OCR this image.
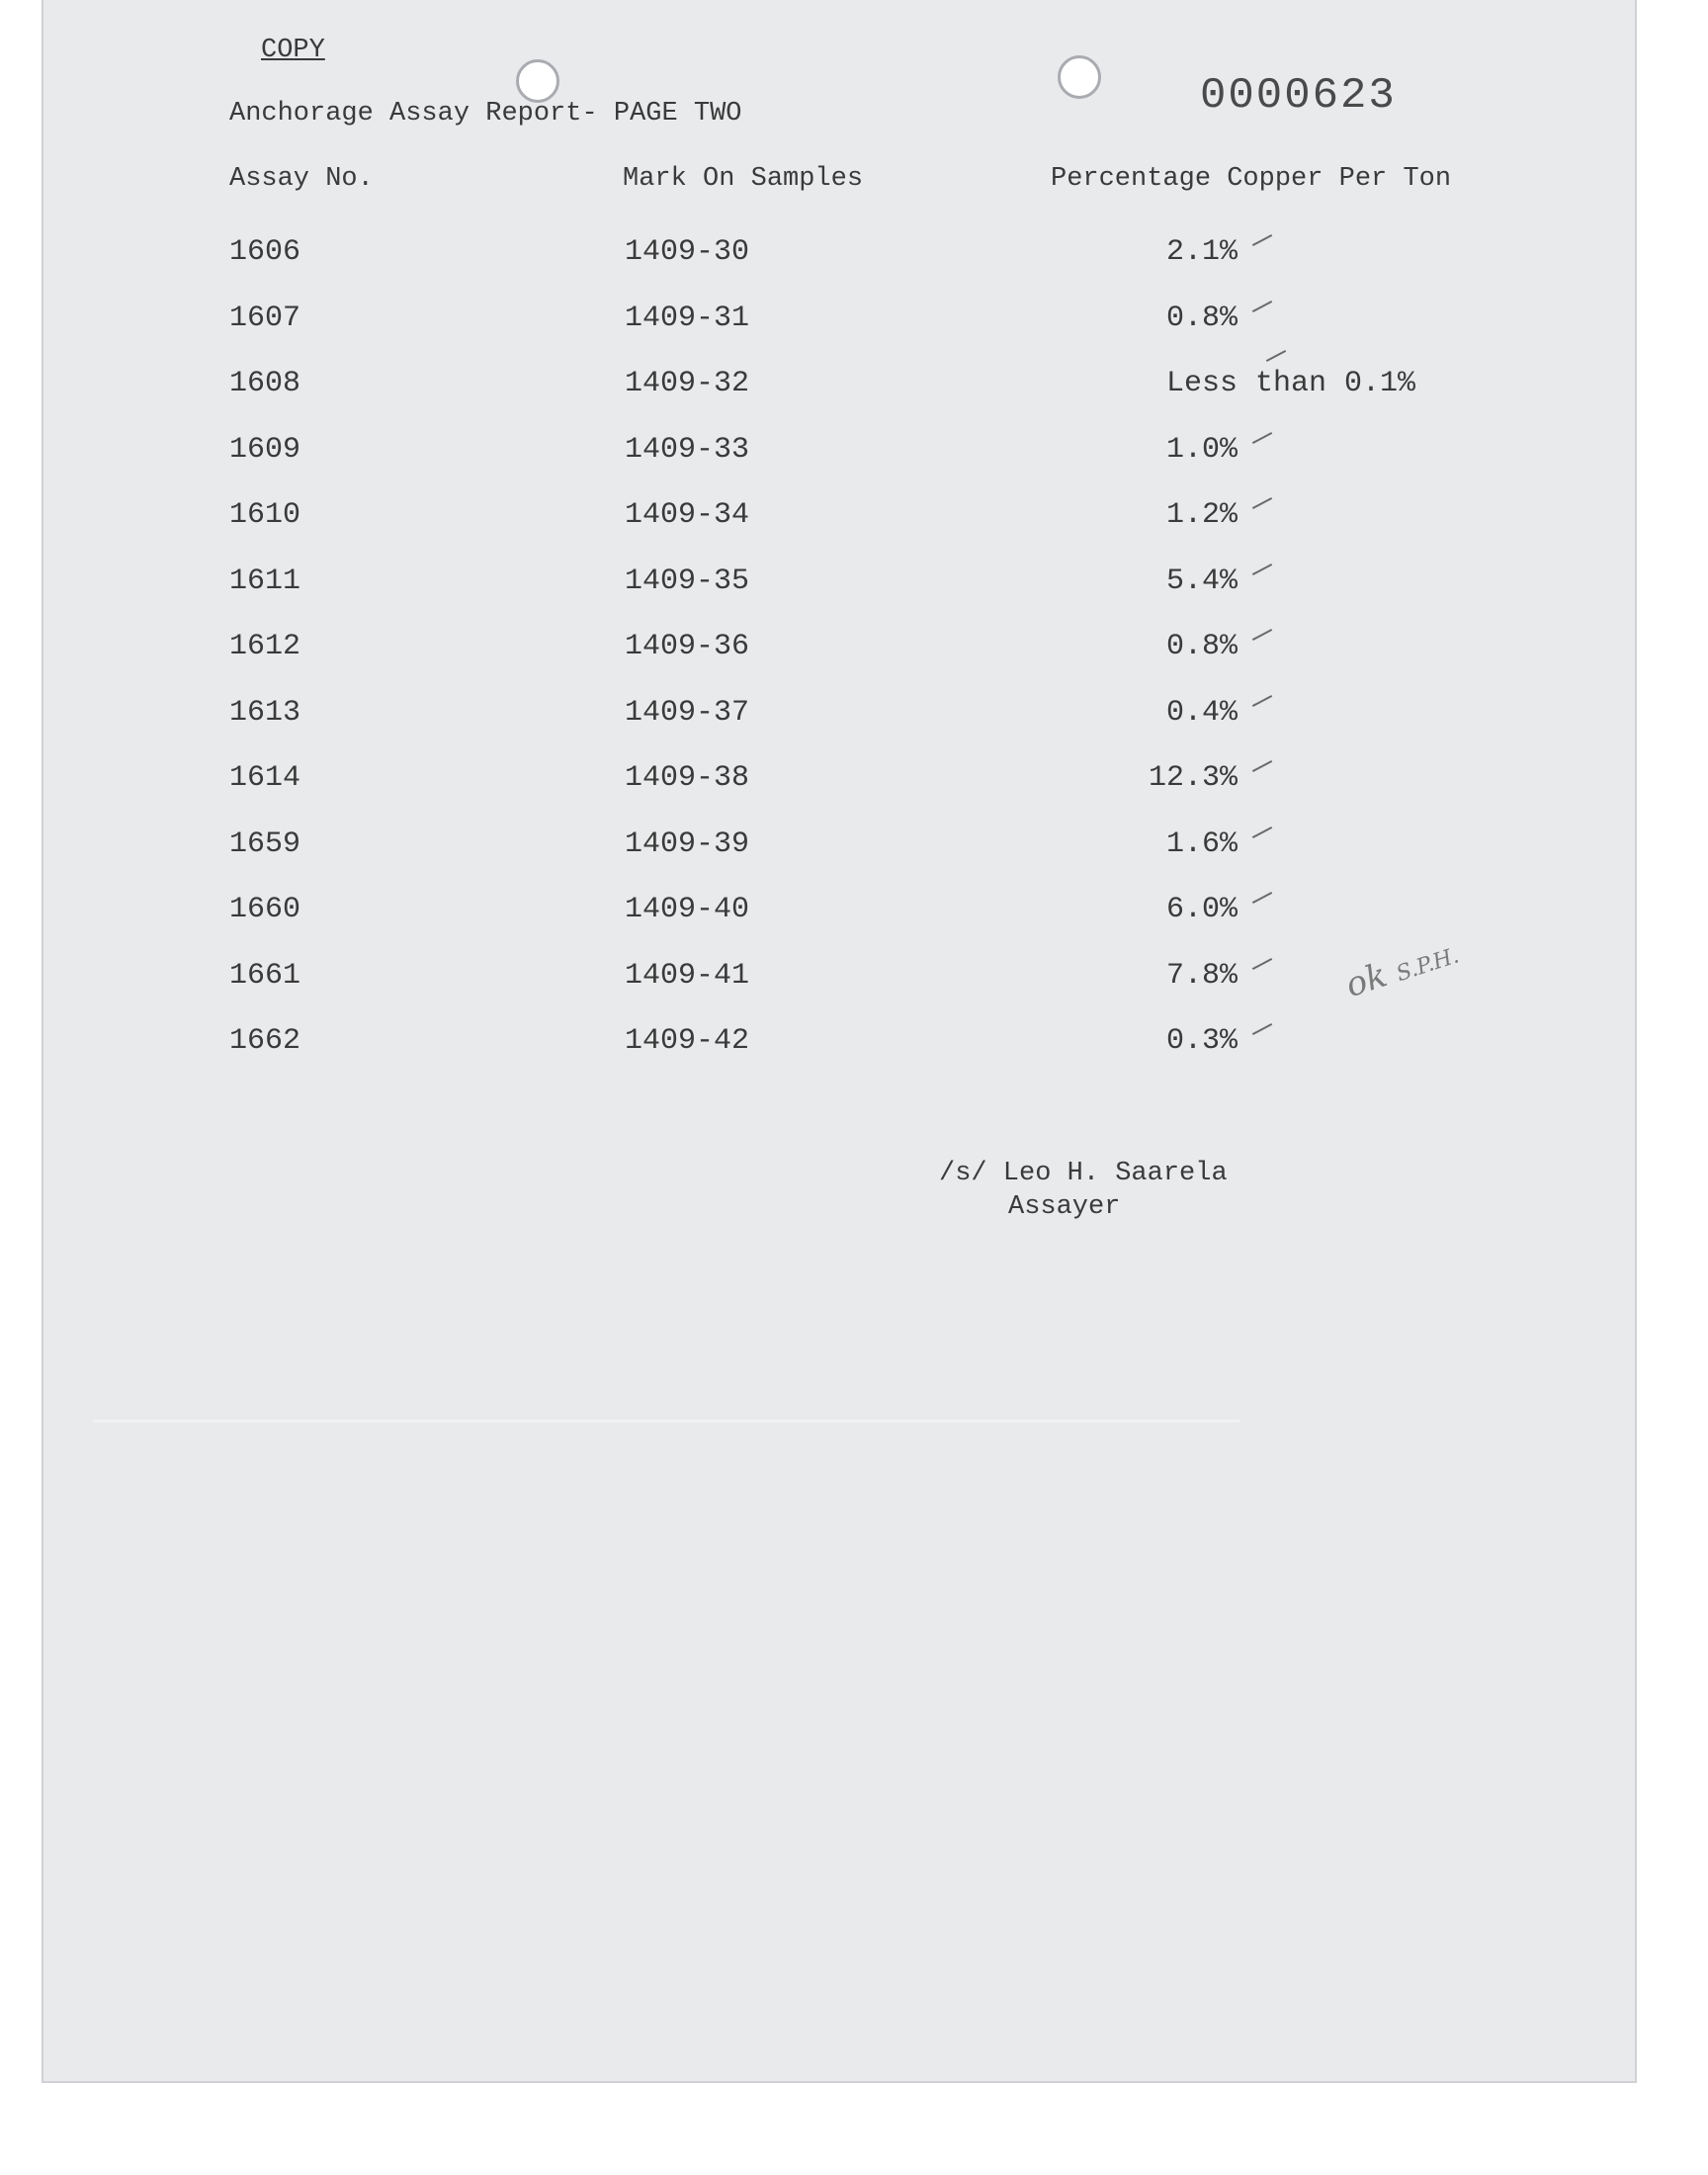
COPY
0000623
Anchorage Assay Report- PAGE TWO
Assay No.	Mark On Samples	Percentage Copper Per Ton
1606	1409-30	2.1%
1607	1409-31	0.8%
1608	1409-32	Less than 0.1%
1609	1409-33	1.0%
1610	1409-34	1.2%
1611	1409-35	5.4%
1612	1409-36	0.8%
1613	1409-37	0.4%
1614	1409-38	12.3%
1659	1409-39	1.6%
1660	1409-40	6.0%
1661	1409-41	7.8%
1662	1409-42	0.3%
/s/ Leo H. Saarela
Assayer
ok S.P.H.
